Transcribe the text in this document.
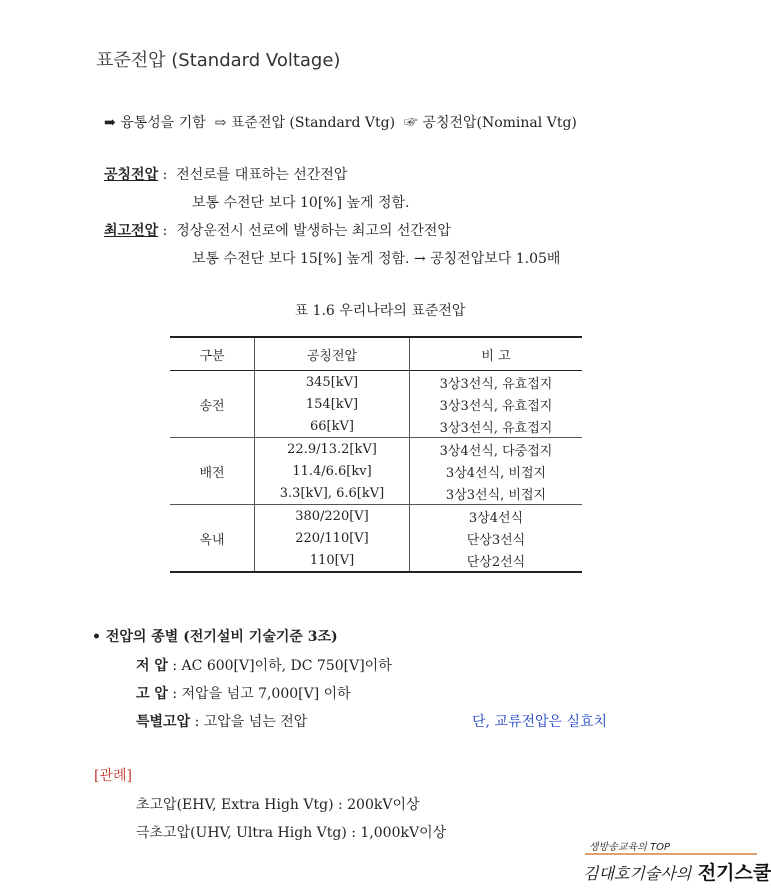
표준전압 (Standard Voltage)
➡ 융통성을 기함 ⇨ 표준전압 (Standard Vtg) ☞ 공칭전압(Nominal Vtg)
공칭전압 : 전선로를 대표하는 선간전압
보통 수전단 보다 10[%] 높게 정함.
최고전압 : 정상운전시 선로에 발생하는 최고의 선간전압
보통 수전단 보다 15[%] 높게 정함. → 공칭전압보다 1.05배
표 1.6 우리나라의 표준전압
구분	공칭전압	비 고
송전	345[kV]	3상3선식, 유효접지
	154[kV]	3상3선식, 유효접지
	66[kV]	3상3선식, 유효접지
배전	22.9/13.2[kV]	3상4선식, 다중접지
	11.4/6.6[kv]	3상4선식, 비접지
	3.3[kV], 6.6[kV]	3상3선식, 비접지
옥내	380/220[V]	3상4선식
	220/110[V]	단상3선식
	110[V]	단상2선식
• 전압의 종별 (전기설비 기술기준 3조)
저 압 : AC 600[V]이하, DC 750[V]이하
고 압 : 저압을 넘고 7,000[V] 이하
특별고압 : 고압을 넘는 전압	단, 교류전압은 실효치
[관례]
초고압(EHV, Extra High Vtg) : 200kV이상
극초고압(UHV, Ultra High Vtg) : 1,000kV이상
생방송교육의 TOP
김대호기술사의 전기스쿨
